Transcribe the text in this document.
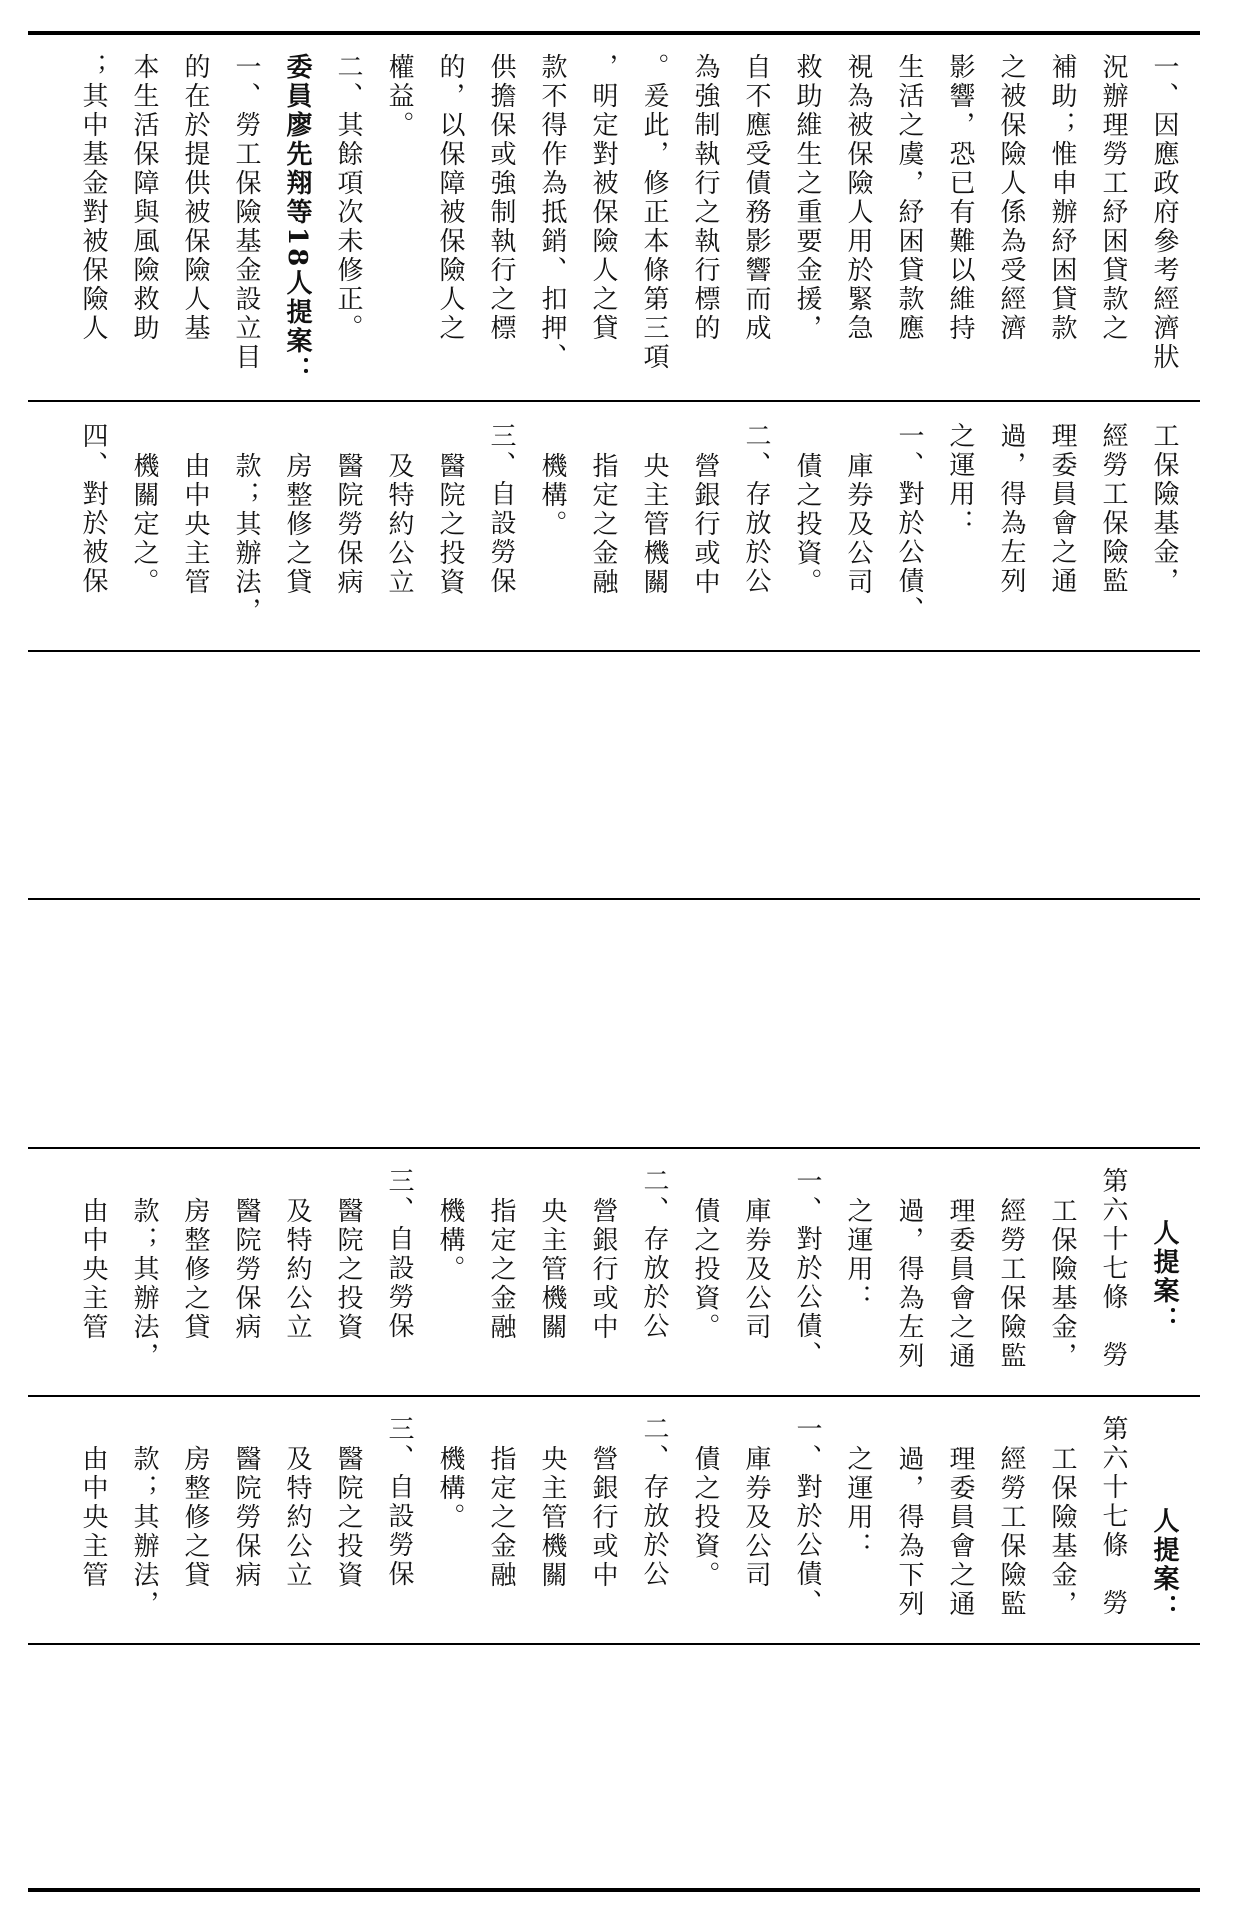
一、因應政府參考經濟狀
況辦理勞工紓困貸款之
補助；惟申辦紓困貸款
之被保險人係為受經濟
影響，恐已有難以維持
生活之虞，紓困貸款應
視為被保險人用於緊急
救助維生之重要金援，
自不應受債務影響而成
為強制執行之執行標的
。爰此，修正本條第三項
，明定對被保險人之貸
款不得作為抵銷、扣押、
供擔保或強制執行之標
的，以保障被保險人之
權益。
二、其餘項次未修正。
委員廖先翔等18人提案：
一、勞工保險基金設立目
的在於提供被保險人基
本生活保障與風險救助
；其中基金對被保險人
工保險基金，
經勞工保險監
理委員會之通
過，得為左列
之運用：
一、對於公債、
庫券及公司
債之投資。
二、存放於公
營銀行或中
央主管機關
指定之金融
機構。
三、自設勞保
醫院之投資
及特約公立
醫院勞保病
房整修之貸
款；其辦法，
由中央主管
機關定之。
四、對於被保
人提案：
第六十七條　勞
工保險基金，
經勞工保險監
理委員會之通
過，得為左列
之運用：
一、對於公債、
庫券及公司
債之投資。
二、存放於公
營銀行或中
央主管機關
指定之金融
機構。
三、自設勞保
醫院之投資
及特約公立
醫院勞保病
房整修之貸
款；其辦法，
由中央主管
人提案：
第六十七條　勞
工保險基金，
經勞工保險監
理委員會之通
過，得為下列
之運用：
一、對於公債、
庫券及公司
債之投資。
二、存放於公
營銀行或中
央主管機關
指定之金融
機構。
三、自設勞保
醫院之投資
及特約公立
醫院勞保病
房整修之貸
款；其辦法，
由中央主管
